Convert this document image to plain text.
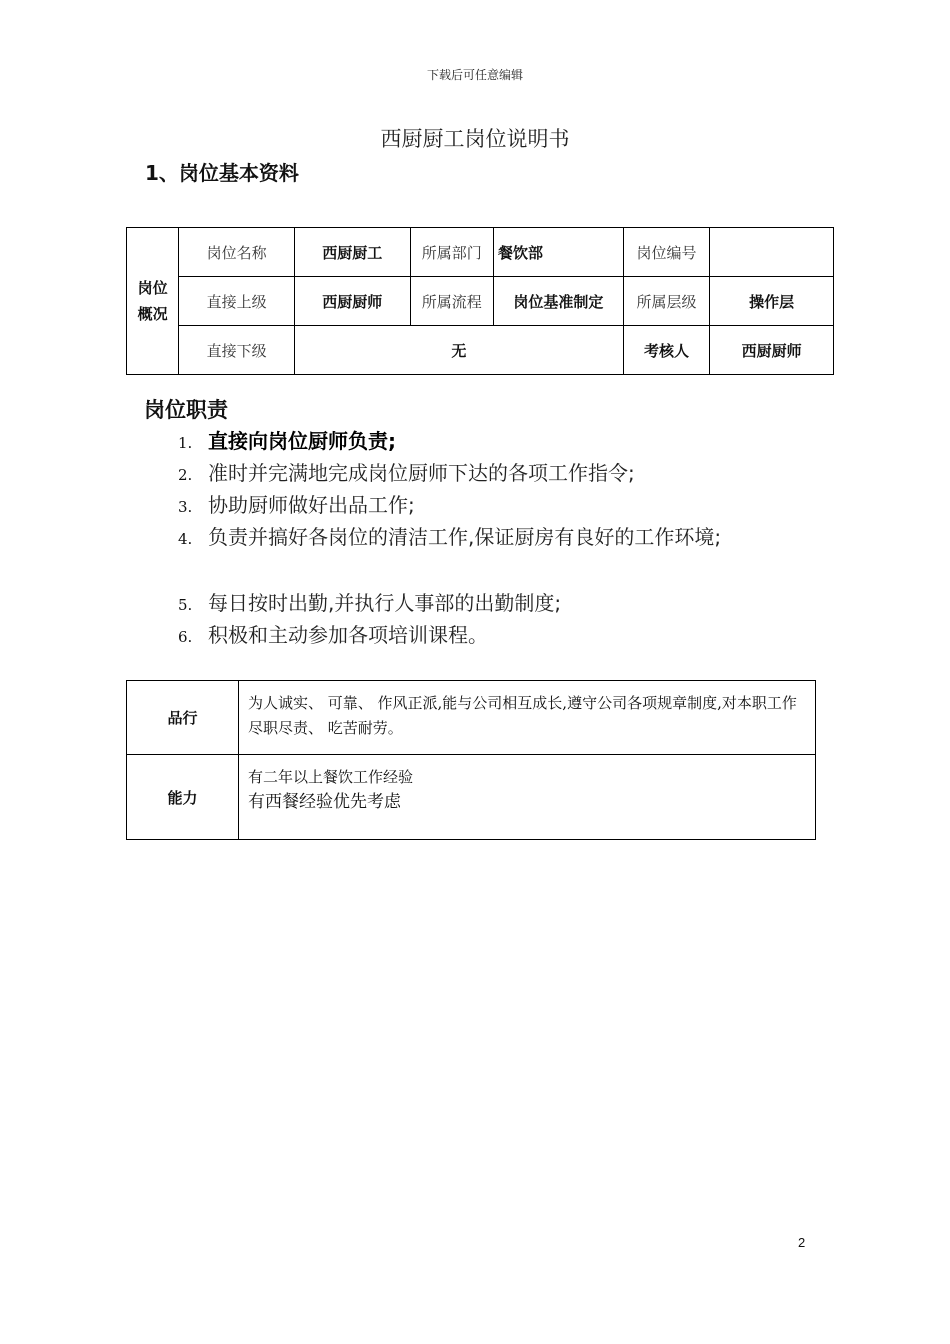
下载后可任意编辑
西厨厨工岗位说明书
1、岗位基本资料
岗位
概况	岗位名称	西厨厨工	所属部门	餐饮部	岗位编号	
	直接上级	西厨厨师	所属流程	岗位基准制定	所属层级	操作层
	直接下级	无			考核人	西厨厨师
岗位职责
1. 直接向岗位厨师负责;
2. 准时并完满地完成岗位厨师下达的各项工作指令;
3. 协助厨师做好出品工作;
4. 负责并搞好各岗位的清洁工作,保证厨房有良好的工作环境;
5. 每日按时出勤,并执行人事部的出勤制度;
6. 积极和主动参加各项培训课程。
品行	为人诚实、 可靠、 作风正派,能与公司相互成长,遵守公司各项规章制度,对本职工作尽职尽责、 吃苦耐劳。
能力	有二年以上餐饮工作经验
有西餐经验优先考虑
2
